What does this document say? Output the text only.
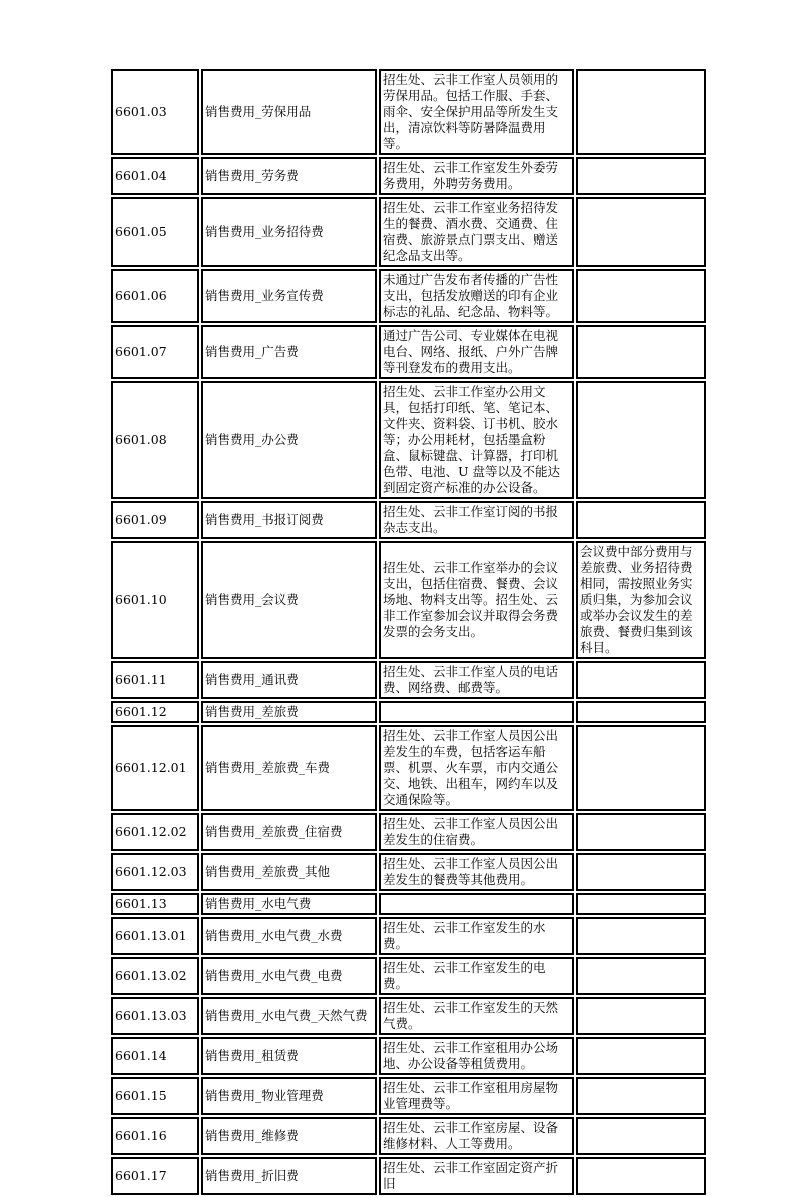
6601.03	销售费用_劳保用品	招生处、云非工作室人员领用的劳保用品。包括工作服、手套、雨伞、安全保护用品等所发生支出，清凉饮料等防暑降温费用等。	
6601.04	销售费用_劳务费	招生处、云非工作室发生外委劳务费用，外聘劳务费用。	
6601.05	销售费用_业务招待费	招生处、云非工作室业务招待发生的餐费、酒水费、交通费、住宿费、旅游景点门票支出、赠送纪念品支出等。	
6601.06	销售费用_业务宣传费	未通过广告发布者传播的广告性支出，包括发放赠送的印有企业标志的礼品、纪念品、物料等。	
6601.07	销售费用_广告费	通过广告公司、专业媒体在电视电台、网络、报纸、户外广告牌等刊登发布的费用支出。	
6601.08	销售费用_办公费	招生处、云非工作室办公用文具，包括打印纸、笔、笔记本、文件夹、资料袋、订书机、胶水等；办公用耗材，包括墨盒粉盒、鼠标键盘、计算器，打印机色带、电池、U 盘等以及不能达到固定资产标准的办公设备。	
6601.09	销售费用_书报订阅费	招生处、云非工作室订阅的书报杂志支出。	
6601.10	销售费用_会议费	招生处、云非工作室举办的会议支出，包括住宿费、餐费、会议场地、物料支出等。招生处、云非工作室参加会议并取得会务费发票的会务支出。	会议费中部分费用与差旅费、业务招待费相同，需按照业务实质归集，为参加会议或举办会议发生的差旅费、餐费归集到该科目。
6601.11	销售费用_通讯费	招生处、云非工作室人员的电话费、网络费、邮费等。	
6601.12	销售费用_差旅费		
6601.12.01	销售费用_差旅费_车费	招生处、云非工作室人员因公出差发生的车费，包括客运车船票、机票、火车票，市内交通公交、地铁、出租车，网约车以及交通保险等。	
6601.12.02	销售费用_差旅费_住宿费	招生处、云非工作室人员因公出差发生的住宿费。	
6601.12.03	销售费用_差旅费_其他	招生处、云非工作室人员因公出差发生的餐费等其他费用。	
6601.13	销售费用_水电气费		
6601.13.01	销售费用_水电气费_水费	招生处、云非工作室发生的水费。	
6601.13.02	销售费用_水电气费_电费	招生处、云非工作室发生的电费。	
6601.13.03	销售费用_水电气费_天然气费	招生处、云非工作室发生的天然气费。	
6601.14	销售费用_租赁费	招生处、云非工作室租用办公场地、办公设备等租赁费用。	
6601.15	销售费用_物业管理费	招生处、云非工作室租用房屋物业管理费等。	
6601.16	销售费用_维修费	招生处、云非工作室房屋、设备维修材料、人工等费用。	
6601.17	销售费用_折旧费	招生处、云非工作室固定资产折旧	
